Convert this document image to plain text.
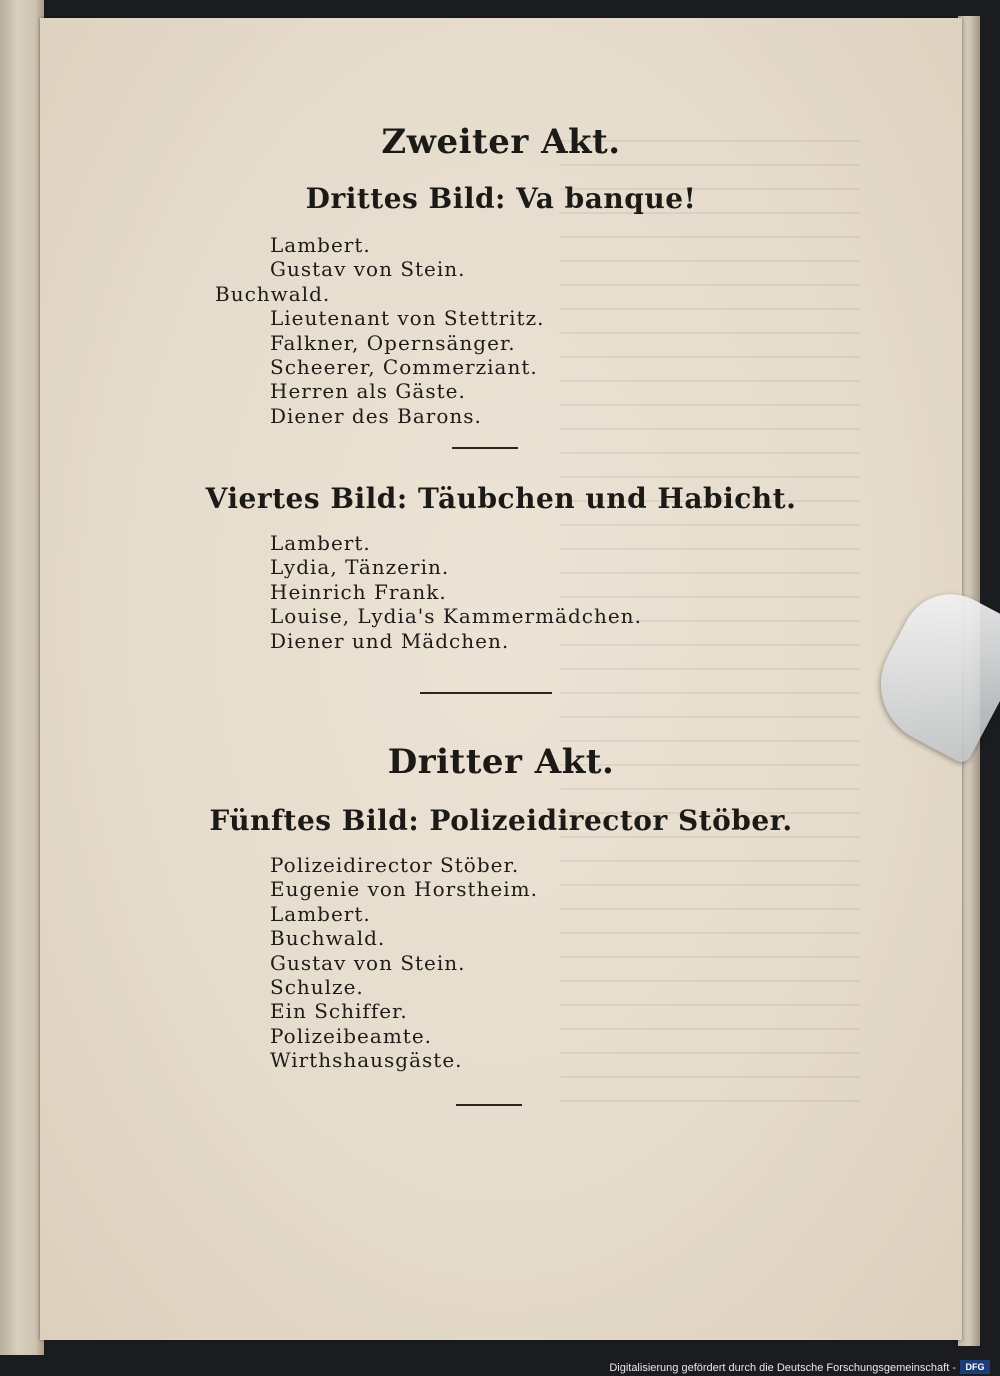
Zweiter Akt.
Drittes Bild: Va banque!
Lambert.
Gustav von Stein.
Buchwald.
Lieutenant von Stettritz.
Falkner, Opernsänger.
Scheerer, Commerziant.
Herren als Gäste.
Diener des Barons.
Viertes Bild: Täubchen und Habicht.
Lambert.
Lydia, Tänzerin.
Heinrich Frank.
Louise, Lydia's Kammermädchen.
Diener und Mädchen.
Dritter Akt.
Fünftes Bild: Polizeidirector Stöber.
Polizeidirector Stöber.
Eugenie von Horstheim.
Lambert.
Buchwald.
Gustav von Stein.
Schulze.
Ein Schiffer.
Polizeibeamte.
Wirthshausgäste.
Digitalisierung gefördert durch die Deutsche Forschungsgemeinschaft -	DFG
